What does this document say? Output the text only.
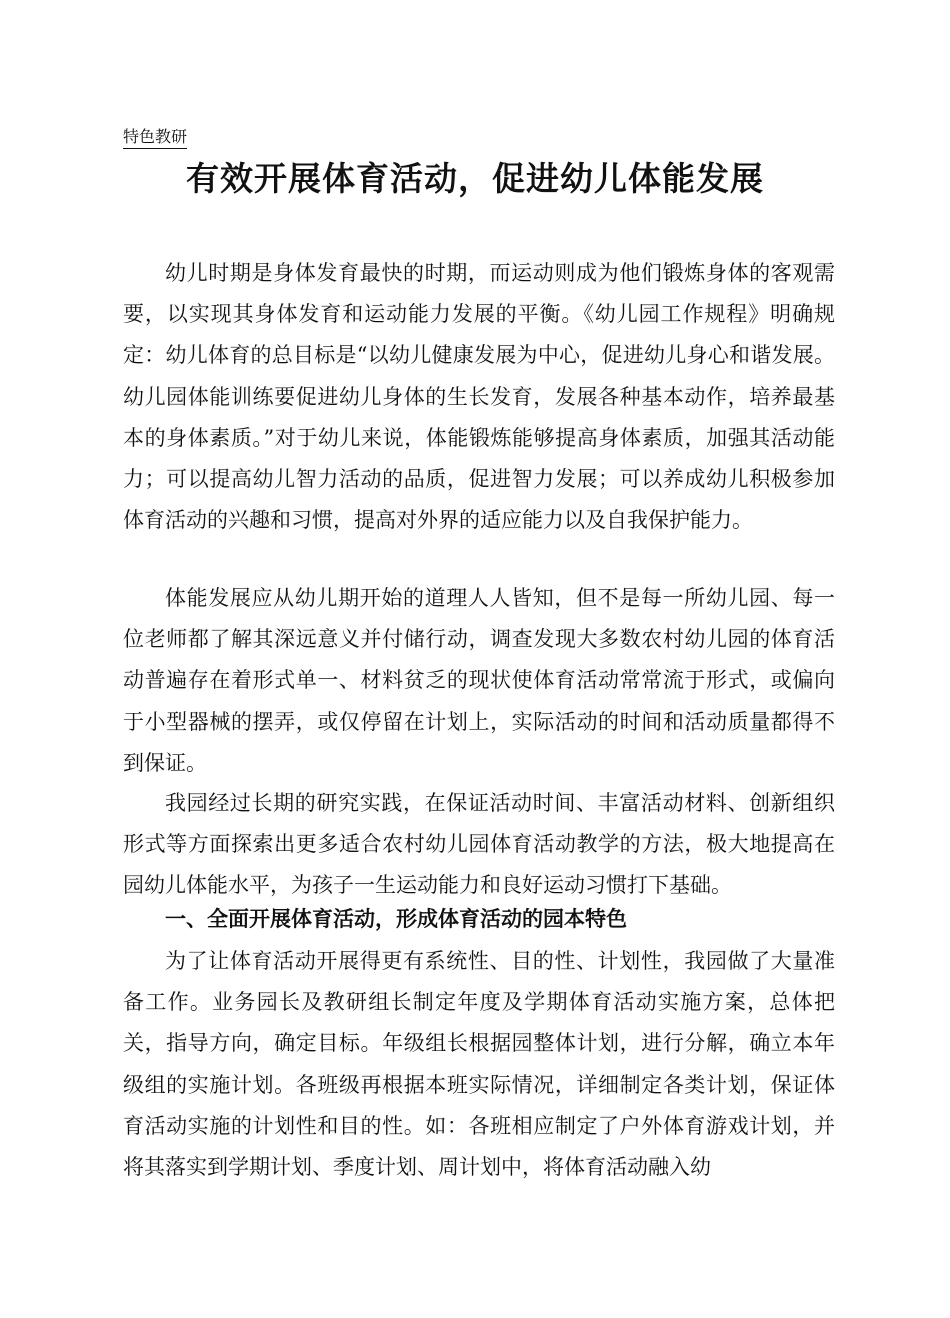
特色教研
有效开展体育活动，促进幼儿体能发展

幼儿时期是身体发育最快的时期，而运动则成为他们锻炼身体的客观需要，以实现其身体发育和运动能力发展的平衡。《幼儿园工作规程》明确规定：幼儿体育的总目标是“以幼儿健康发展为中心，促进幼儿身心和谐发展。幼儿园体能训练要促进幼儿身体的生长发育，发展各种基本动作，培养最基本的身体素质。”对于幼儿来说，体能锻炼能够提高身体素质，加强其活动能力；可以提高幼儿智力活动的品质，促进智力发展；可以养成幼儿积极参加体育活动的兴趣和习惯，提高对外界的适应能力以及自我保护能力。

体能发展应从幼儿期开始的道理人人皆知，但不是每一所幼儿园、每一位老师都了解其深远意义并付储行动，调查发现大多数农村幼儿园的体育活动普遍存在着形式单一、材料贫乏的现状使体育活动常常流于形式，或偏向于小型器械的摆弄，或仅停留在计划上，实际活动的时间和活动质量都得不到保证。

我园经过长期的研究实践，在保证活动时间、丰富活动材料、创新组织形式等方面探索出更多适合农村幼儿园体育活动教学的方法，极大地提高在园幼儿体能水平，为孩子一生运动能力和良好运动习惯打下基础。

一、全面开展体育活动，形成体育活动的园本特色

为了让体育活动开展得更有系统性、目的性、计划性，我园做了大量准备工作。业务园长及教研组长制定年度及学期体育活动实施方案，总体把关，指导方向，确定目标。年级组长根据园整体计划，进行分解，确立本年级组的实施计划。各班级再根据本班实际情况，详细制定各类计划，保证体育活动实施的计划性和目的性。如：各班相应制定了户外体育游戏计划，并将其落实到学期计划、季度计划、周计划中，将体育活动融入幼
